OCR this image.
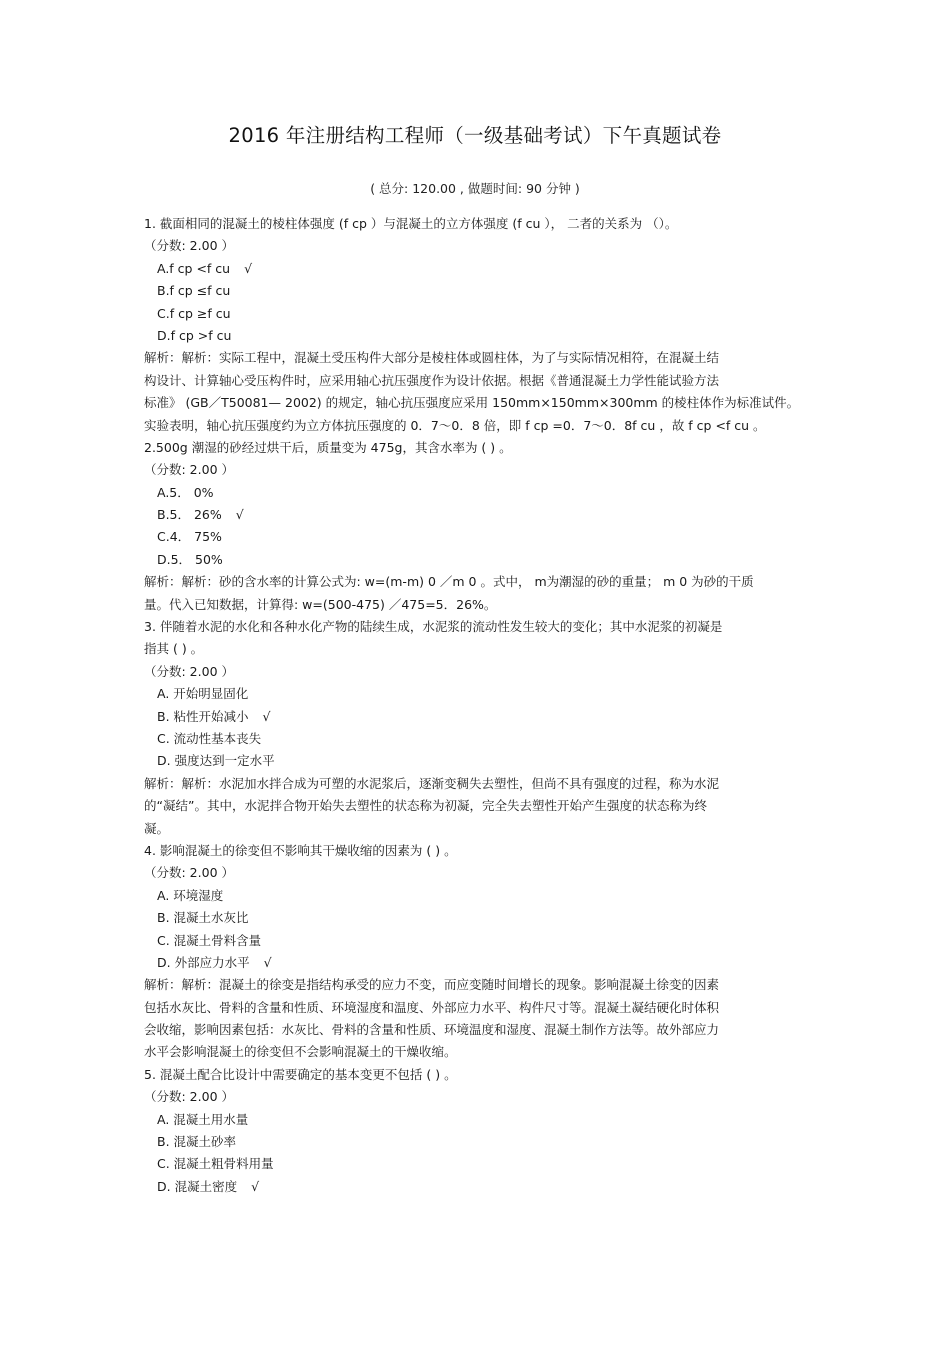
2016 年注册结构工程师（一级基础考试）下午真题试卷
( 总分: 120.00 , 做题时间: 90 分钟 )
1. 截面相同的混凝土的棱柱体强度 (f cp ）与混凝土的立方体强度 (f cu ）， 二者的关系为 （）。
（分数: 2.00 ）
A.f cp <f cu √
B.f cp ≤f cu
C.f cp ≥f cu
D.f cp >f cu
解析：解析：实际工程中，混凝土受压构件大部分是棱柱体或圆柱体，为了与实际情况相符，在混凝土结
构设计、计算轴心受压构件时，应采用轴心抗压强度作为设计依据。根据《普通混凝土力学性能试验方法
标准》 (GB／T50081— 2002) 的规定，轴心抗压强度应采用 150mm×150mm×300mm 的棱柱体作为标准试件。
实验表明，轴心抗压强度约为立方体抗压强度的 0．7～0．8 倍，即 f cp =0．7～0．8f cu ，故 f cp <f cu 。
2.500g 潮湿的砂经过烘干后，质量变为 475g，其含水率为 ( ) 。
（分数: 2.00 ）
A.5． 0%
B.5． 26% √
C.4． 75%
D.5． 50%
解析：解析：砂的含水率的计算公式为: w=(m-m) 0 ／m 0 。式中， m为潮湿的砂的重量； m 0 为砂的干质
量。代入已知数据，计算得: w=(500-475) ／475=5．26%。
3. 伴随着水泥的水化和各种水化产物的陆续生成，水泥浆的流动性发生较大的变化；其中水泥浆的初凝是
指其 ( ) 。
（分数: 2.00 ）
A. 开始明显固化
B. 粘性开始减小 √
C. 流动性基本丧失
D. 强度达到一定水平
解析：解析：水泥加水拌合成为可塑的水泥浆后，逐渐变稠失去塑性，但尚不具有强度的过程，称为水泥
的“凝结”。其中，水泥拌合物开始失去塑性的状态称为初凝，完全失去塑性开始产生强度的状态称为终
凝。
4. 影响混凝土的徐变但不影响其干燥收缩的因素为 ( ) 。
（分数: 2.00 ）
A. 环境湿度
B. 混凝土水灰比
C. 混凝土骨料含量
D. 外部应力水平 √
解析：解析：混凝土的徐变是指结构承受的应力不变，而应变随时间增长的现象。影响混凝土徐变的因素
包括水灰比、骨料的含量和性质、环境湿度和温度、外部应力水平、构件尺寸等。混凝土凝结硬化时体积
会收缩，影响因素包括：水灰比、骨料的含量和性质、环境温度和湿度、混凝土制作方法等。故外部应力
水平会影响混凝土的徐变但不会影响混凝土的干燥收缩。
5. 混凝土配合比设计中需要确定的基本变更不包括 ( ) 。
（分数: 2.00 ）
A. 混凝土用水量
B. 混凝土砂率
C. 混凝土粗骨料用量
D. 混凝土密度 √
